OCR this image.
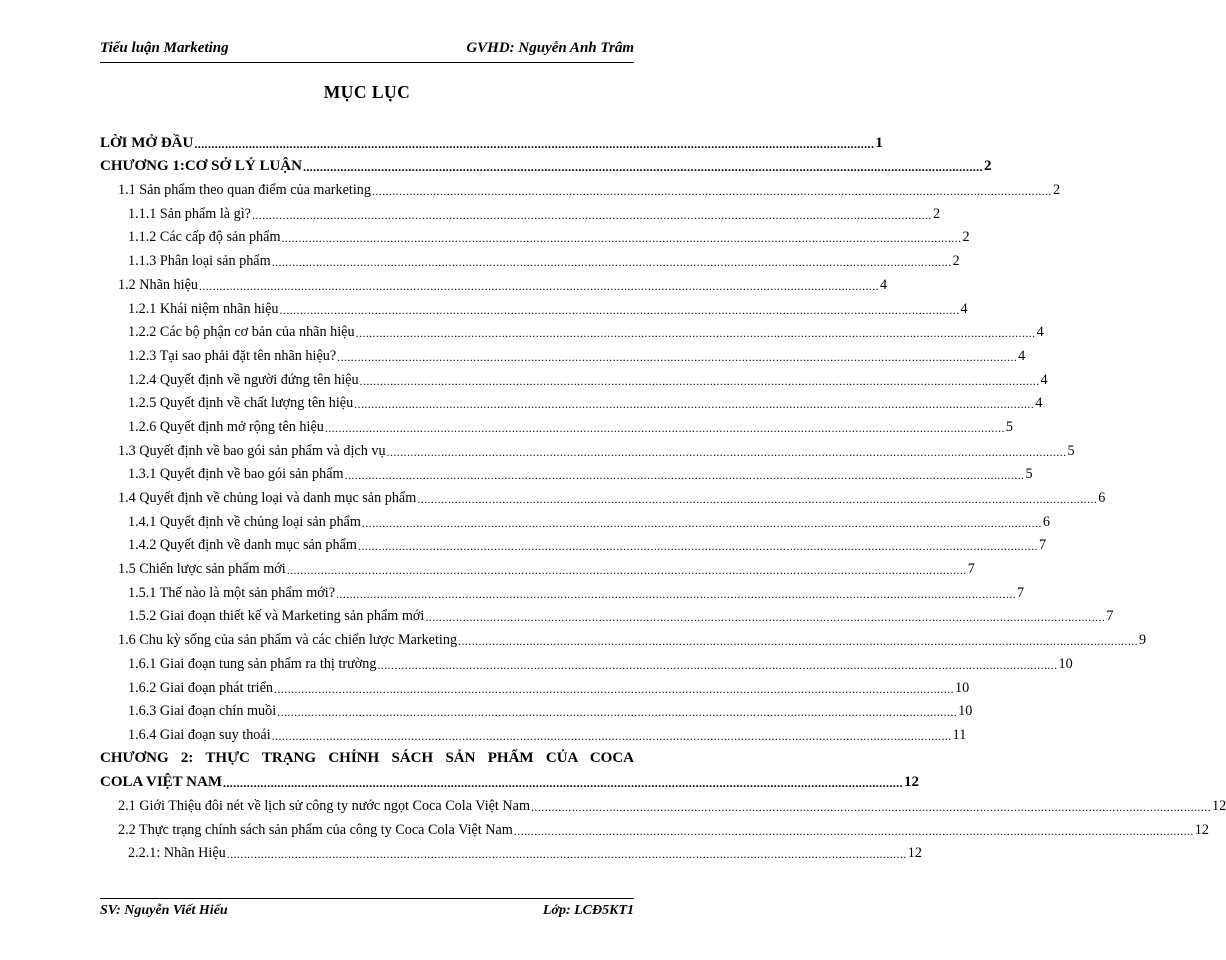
Tiểu luận Marketing	GVHD: Nguyễn Anh Trâm
MỤC LỤC
LỜI MỞ ĐẦU ........................................................................................................................................................................................................ 1
CHƯƠNG 1:CƠ SỞ LÝ LUẬN ........................................................................................................................................................................................................ 2
1.1 Sản phẩm theo quan điểm của marketing ........................................................................................................................................................................................................ 2
1.1.1 Sản phẩm là gì? ........................................................................................................................................................................................................ 2
1.1.2 Các cấp độ sản phẩm ........................................................................................................................................................................................................ 2
1.1.3 Phân loại sản phẩm ........................................................................................................................................................................................................ 2
1.2 Nhãn hiệu ........................................................................................................................................................................................................ 4
1.2.1 Khái niệm nhãn hiệu ........................................................................................................................................................................................................ 4
1.2.2 Các bộ phận cơ bản của nhãn hiệu ........................................................................................................................................................................................................ 4
1.2.3 Tại sao phải đặt tên nhãn hiệu? ........................................................................................................................................................................................................ 4
1.2.4 Quyết định về người đứng tên hiệu ........................................................................................................................................................................................................ 4
1.2.5 Quyết định về chất lượng tên hiệu ........................................................................................................................................................................................................ 4
1.2.6 Quyết định mở rộng tên hiệu ........................................................................................................................................................................................................ 5
1.3 Quyết định về bao gói sản phẩm và dịch vụ ........................................................................................................................................................................................................ 5
1.3.1 Quyết định về bao gói sản phẩm ........................................................................................................................................................................................................ 5
1.4 Quyết định về chủng loại và danh mục sản phẩm ........................................................................................................................................................................................................ 6
1.4.1 Quyết định về chủng loại sản phẩm ........................................................................................................................................................................................................ 6
1.4.2 Quyết định về danh mục sản phẩm ........................................................................................................................................................................................................ 7
1.5 Chiến lược sản phẩm mới ........................................................................................................................................................................................................ 7
1.5.1 Thế nào là một sản phẩm mới? ........................................................................................................................................................................................................ 7
1.5.2 Giai đoạn thiết kế và Marketing sản phẩm mới ........................................................................................................................................................................................................ 7
1.6 Chu kỳ sống của sản phẩm và các chiến lược Marketing ........................................................................................................................................................................................................ 9
1.6.1 Giai đoạn tung sản phẩm ra thị trường ........................................................................................................................................................................................................ 10
1.6.2 Giai đoạn phát triển ........................................................................................................................................................................................................ 10
1.6.3 Giai đoạn chín muồi ........................................................................................................................................................................................................ 10
1.6.4 Giai đoạn suy thoái ........................................................................................................................................................................................................ 11
CHƯƠNG 2: THỰC TRẠNG CHÍNH SÁCH SẢN PHẨM CỦA COCA
COLA VIỆT NAM ........................................................................................................................................................................................................ 12
2.1 Giới Thiệu đôi nét về lịch sử công ty nước ngọt Coca Cola Việt Nam ........................................................................................................................................................................................................ 12
2.2 Thực trạng chính sách sản phẩm của công ty Coca Cola Việt Nam ........................................................................................................................................................................................................ 12
2.2.1: Nhãn Hiệu ........................................................................................................................................................................................................ 12
SV: Nguyễn Viết Hiếu	Lớp: LCĐ5KT1
